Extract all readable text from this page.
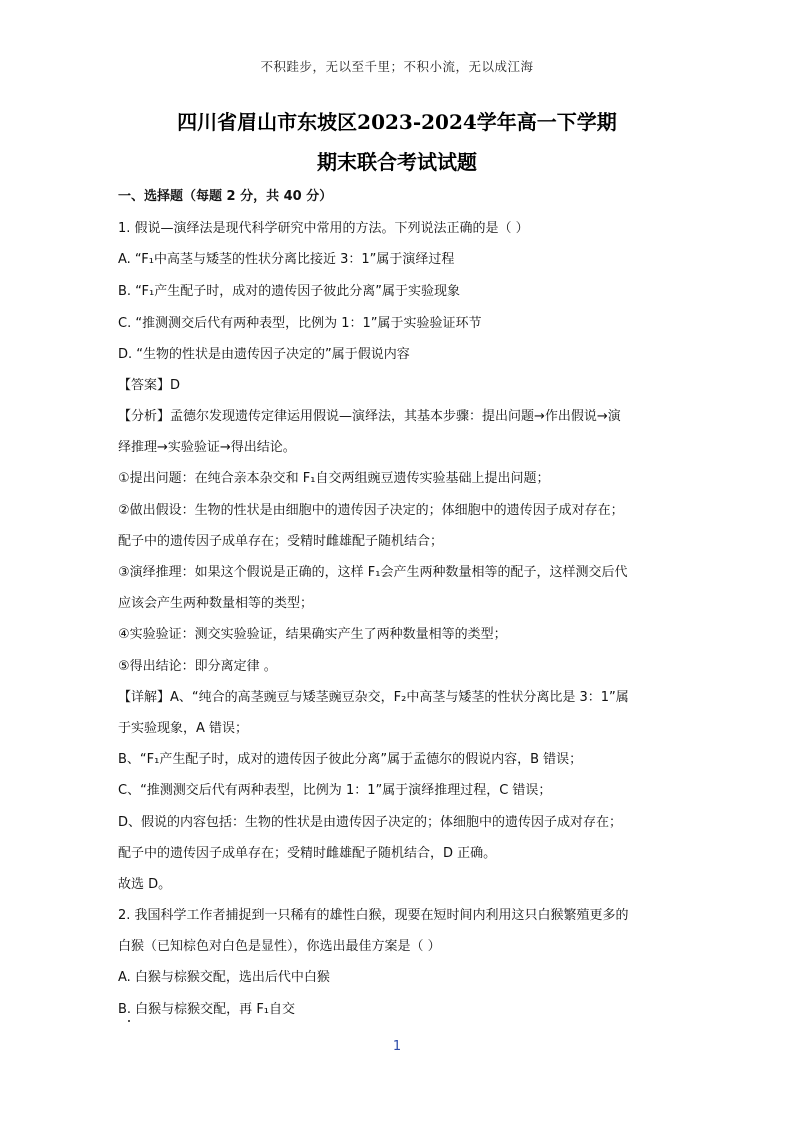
不积跬步，无以至千里；不积小流，无以成江海
四川省眉山市东坡区2023-2024学年高一下学期
期末联合考试试题
一、选择题（每题 2 分，共 40 分）
1. 假说—演绎法是现代科学研究中常用的方法。下列说法正确的是（ ）
A. “F₁中高茎与矮茎的性状分离比接近 3：1”属于演绎过程
B. “F₁产生配子时，成对的遗传因子彼此分离”属于实验现象
C. “推测测交后代有两种表型，比例为 1：1”属于实验验证环节
D. “生物的性状是由遗传因子决定的”属于假说内容
【答案】D
【分析】孟德尔发现遗传定律运用假说—演绎法，其基本步骤：提出问题→作出假说→演
绎推理→实验验证→得出结论。
①提出问题：在纯合亲本杂交和 F₁自交两组豌豆遗传实验基础上提出问题；
②做出假设：生物的性状是由细胞中的遗传因子决定的；体细胞中的遗传因子成对存在；
配子中的遗传因子成单存在；受精时雌雄配子随机结合；
③演绎推理：如果这个假说是正确的，这样 F₁会产生两种数量相等的配子，这样测交后代
应该会产生两种数量相等的类型；
④实验验证：测交实验验证，结果确实产生了两种数量相等的类型；
⑤得出结论：即分离定律 。
【详解】A、“纯合的高茎豌豆与矮茎豌豆杂交，F₂中高茎与矮茎的性状分离比是 3：1”属
于实验现象，A 错误；
B、“F₁产生配子时，成对的遗传因子彼此分离”属于孟德尔的假说内容，B 错误；
C、“推测测交后代有两种表型，比例为 1：1”属于演绎推理过程，C 错误；
D、假说的内容包括：生物的性状是由遗传因子决定的；体细胞中的遗传因子成对存在；
配子中的遗传因子成单存在；受精时雌雄配子随机结合，D 正确。
故选 D。
2. 我国科学工作者捕捉到一只稀有的雄性白猴，现要在短时间内利用这只白猴繁殖更多的
白猴（已知棕色对白色是显性），你选出最佳方案是（ ）
A. 白猴与棕猴交配，选出后代中白猴
B. 白猴与棕猴交配，再 F₁自交
1
